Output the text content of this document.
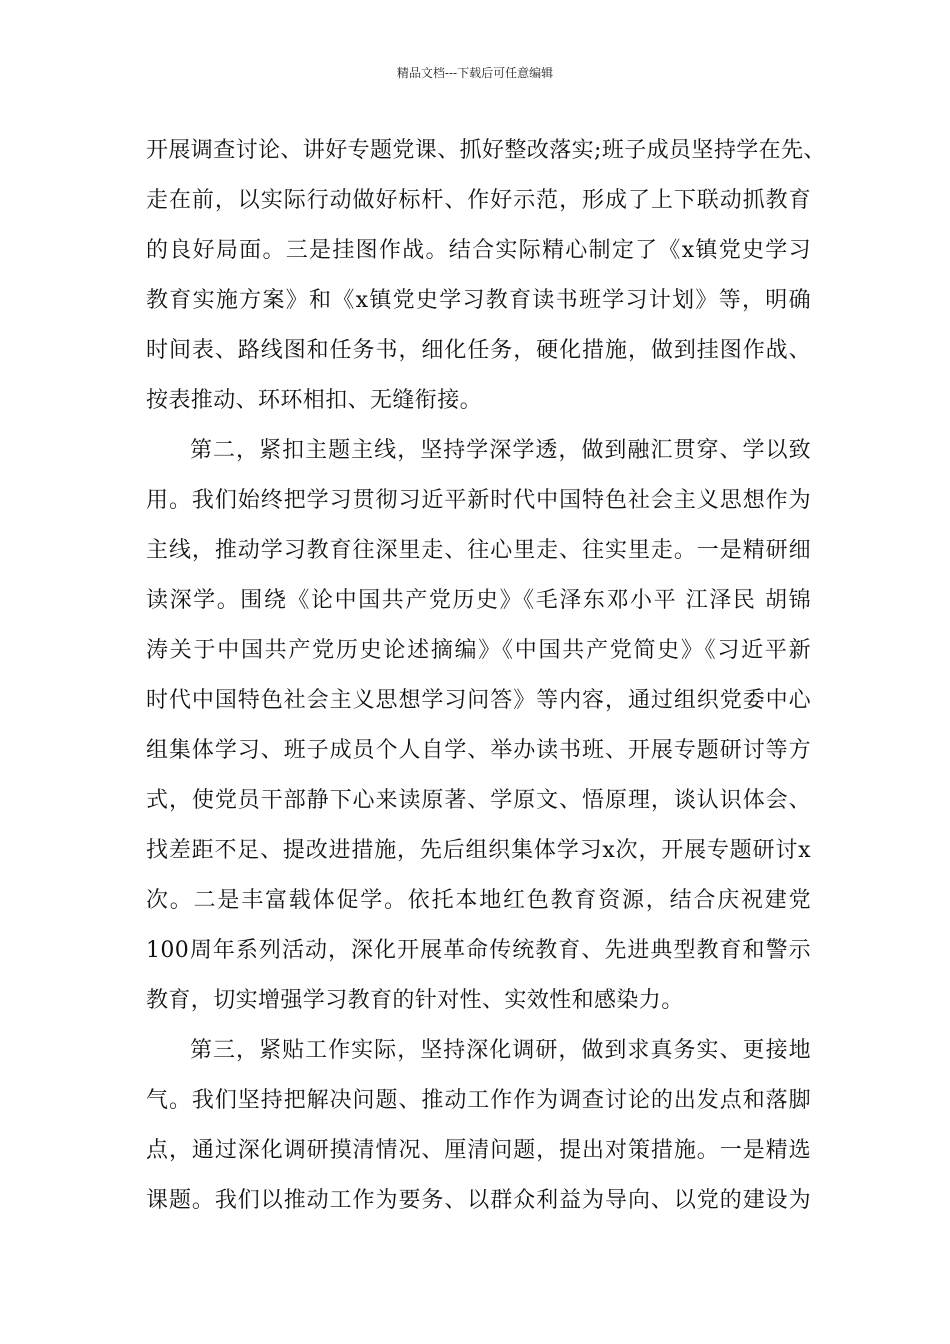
精品文档---下载后可任意编辑
开展调查讨论、讲好专题党课、抓好整改落实;班子成员坚持学在先、
走在前，以实际行动做好标杆、作好示范，形成了上下联动抓教育
的良好局面。三是挂图作战。结合实际精心制定了《x镇党史学习
教育实施方案》和《x镇党史学习教育读书班学习计划》等，明确
时间表、路线图和任务书，细化任务，硬化措施，做到挂图作战、
按表推动、环环相扣、无缝衔接。
第二，紧扣主题主线，坚持学深学透，做到融汇贯穿、学以致
用。我们始终把学习贯彻习近平新时代中国特色社会主义思想作为
主线，推动学习教育往深里走、往心里走、往实里走。一是精研细
读深学。围绕《论中国共产党历史》《毛泽东邓小平 江泽民 胡锦
涛关于中国共产党历史论述摘编》《中国共产党简史》《习近平新
时代中国特色社会主义思想学习问答》等内容，通过组织党委中心
组集体学习、班子成员个人自学、举办读书班、开展专题研讨等方
式，使党员干部静下心来读原著、学原文、悟原理，谈认识体会、
找差距不足、提改进措施，先后组织集体学习x次，开展专题研讨x
次。二是丰富载体促学。依托本地红色教育资源，结合庆祝建党
100周年系列活动，深化开展革命传统教育、先进典型教育和警示
教育，切实增强学习教育的针对性、实效性和感染力。
第三，紧贴工作实际，坚持深化调研，做到求真务实、更接地
气。我们坚持把解决问题、推动工作作为调查讨论的出发点和落脚
点，通过深化调研摸清情况、厘清问题，提出对策措施。一是精选
课题。我们以推动工作为要务、以群众利益为导向、以党的建设为
